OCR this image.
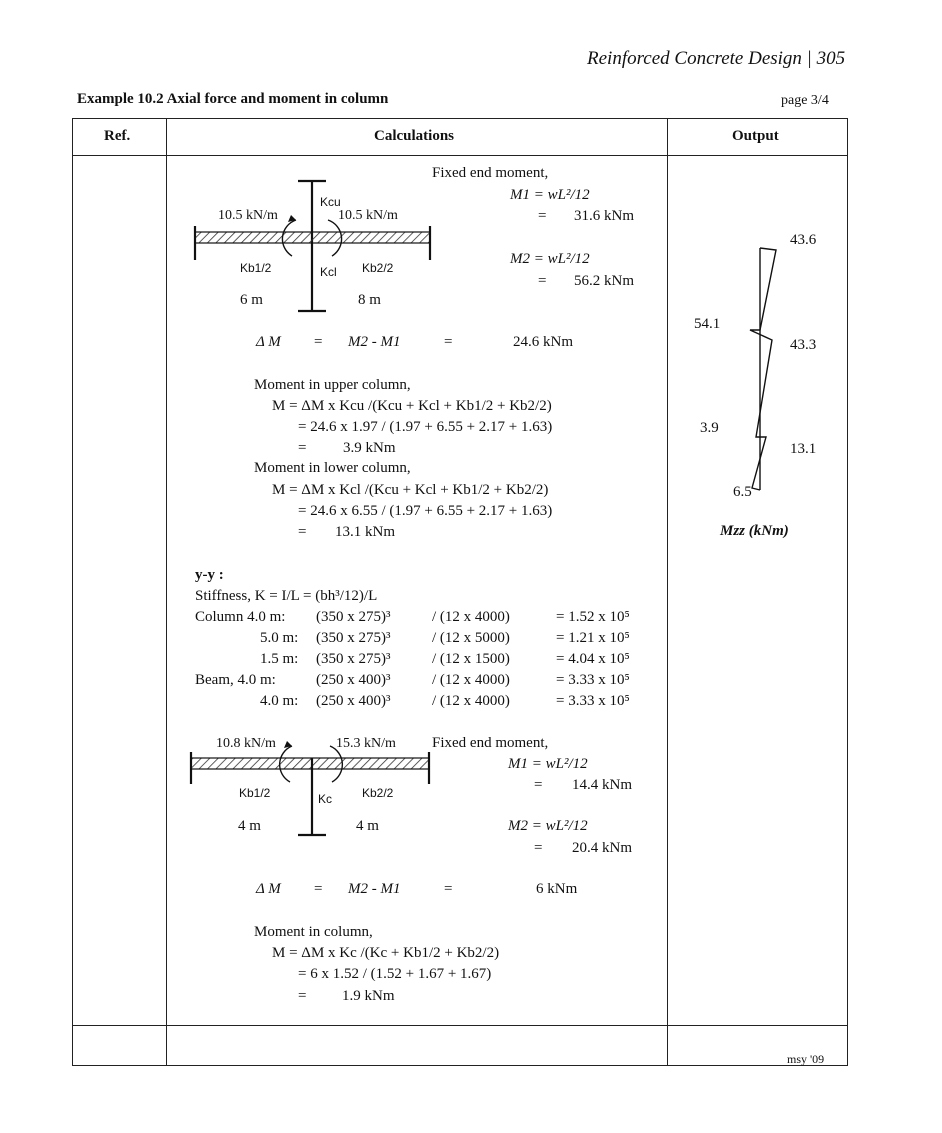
Reinforced Concrete Design | 305
Example 10.2 Axial force and moment in column	page 3/4
Ref.	Calculations	Output
Kcu
10.5 kN/m	10.5 kN/m
Kb1/2	Kcl Kb2/2
6 m	8 m
Fixed end moment,
M1 = wL²/12
= 31.6 kNm
M2 = wL²/12
= 56.2 kNm
Δ M = M2 - M1	=	24.6 kNm
Moment in upper column,
M = ΔM x Kcu /(Kcu + Kcl + Kb1/2 + Kb2/2)
= 24.6 x 1.97 / (1.97 + 6.55 + 2.17 + 1.63)
= 3.9 kNm
Moment in lower column,
M = ΔM x Kcl /(Kcu + Kcl + Kb1/2 + Kb2/2)
= 24.6 x 6.55 / (1.97 + 6.55 + 2.17 + 1.63)
= 13.1 kNm
y-y :
Stiffness, K = I/L = (bh³/12)/L
Column 4.0 m: (350 x 275)³	/ (12 x 4000)	= 1.52 x 10⁵
5.0 m: (350 x 275)³	/ (12 x 5000)	= 1.21 x 10⁵
1.5 m: (350 x 275)³	/ (12 x 1500)	= 4.04 x 10⁵
Beam, 4.0 m:	(250 x 400)³	/ (12 x 4000)	= 3.33 x 10⁵
4.0 m: (250 x 400)³	/ (12 x 4000)	= 3.33 x 10⁵
10.8 kN/m	15.3 kN/m
Kb1/2	Kc Kb2/2
4 m	4 m
Fixed end moment,
M1 = wL²/12
= 14.4 kNm
M2 = wL²/12
= 20.4 kNm
Δ M = M2 - M1	=	6 kNm
Moment in column,
M = ΔM x Kc /(Kc + Kb1/2 + Kb2/2)
= 6 x 1.52 / (1.52 + 1.67 + 1.67)
= 1.9 kNm
43.6
54.1
43.3
3.9
13.1
6.5
Mzz (kNm)
msy '09
